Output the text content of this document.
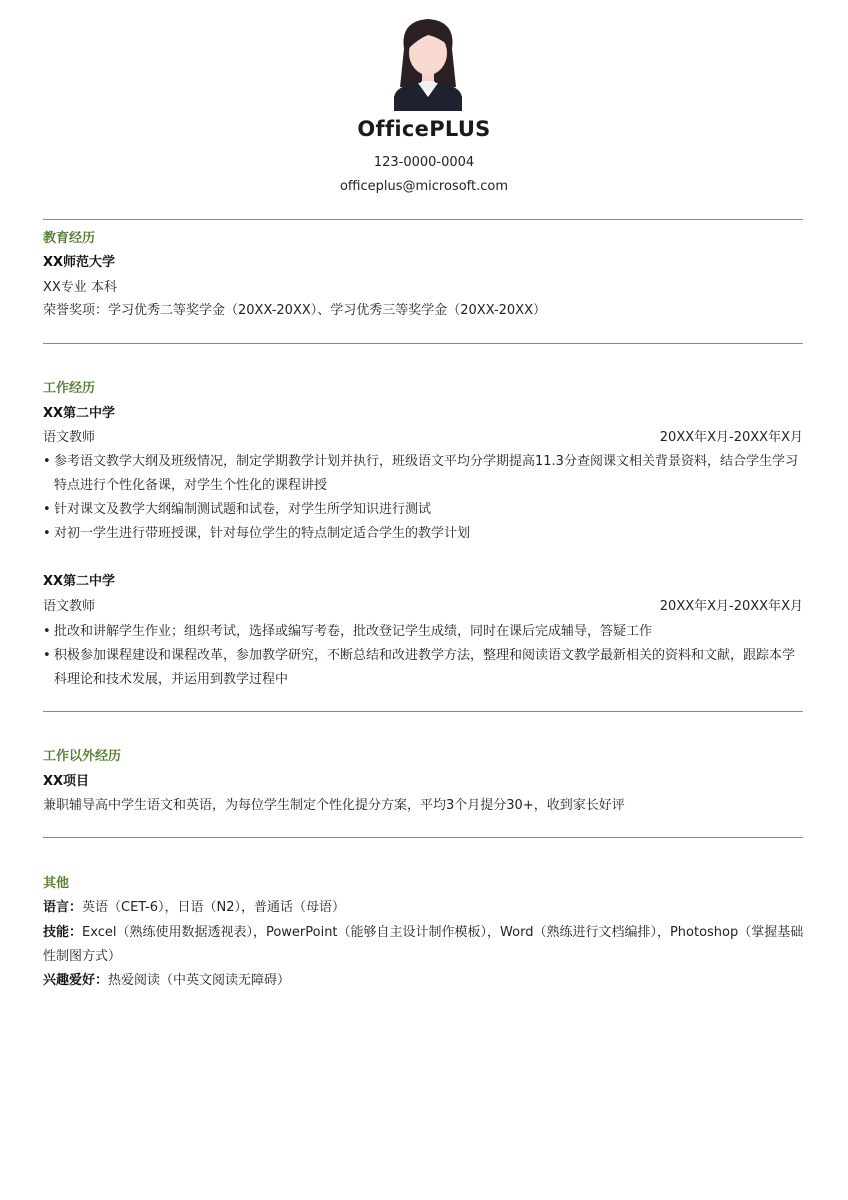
OfficePLUS
123-0000-0004
officeplus@microsoft.com
教育经历
XX师范大学
XX专业 本科
荣誉奖项：学习优秀二等奖学金（20XX-20XX）、学习优秀三等奖学金（20XX-20XX）
工作经历
XX第二中学
语文教师	20XX年X月-20XX年X月
• 参考语文教学大纲及班级情况，制定学期教学计划并执行，班级语文平均分学期提高11.3分查阅课文相关背景资料，结合学生学习特点进行个性化备课，对学生个性化的课程讲授
• 针对课文及教学大纲编制测试题和试卷，对学生所学知识进行测试
• 对初一学生进行带班授课，针对每位学生的特点制定适合学生的教学计划
XX第二中学
语文教师	20XX年X月-20XX年X月
• 批改和讲解学生作业；组织考试，选择或编写考卷，批改登记学生成绩，同时在课后完成辅导，答疑工作
• 积极参加课程建设和课程改革，参加教学研究，不断总结和改进教学方法，整理和阅读语文教学最新相关的资料和文献，跟踪本学科理论和技术发展，并运用到教学过程中
工作以外经历
XX项目
兼职辅导高中学生语文和英语，为每位学生制定个性化提分方案，平均3个月提分30+，收到家长好评
其他
语言：英语（CET-6），日语（N2），普通话（母语）
技能：Excel（熟练使用数据透视表），PowerPoint（能够自主设计制作模板），Word（熟练进行文档编排），Photoshop（掌握基础性制图方式）
兴趣爱好：热爱阅读（中英文阅读无障碍）
